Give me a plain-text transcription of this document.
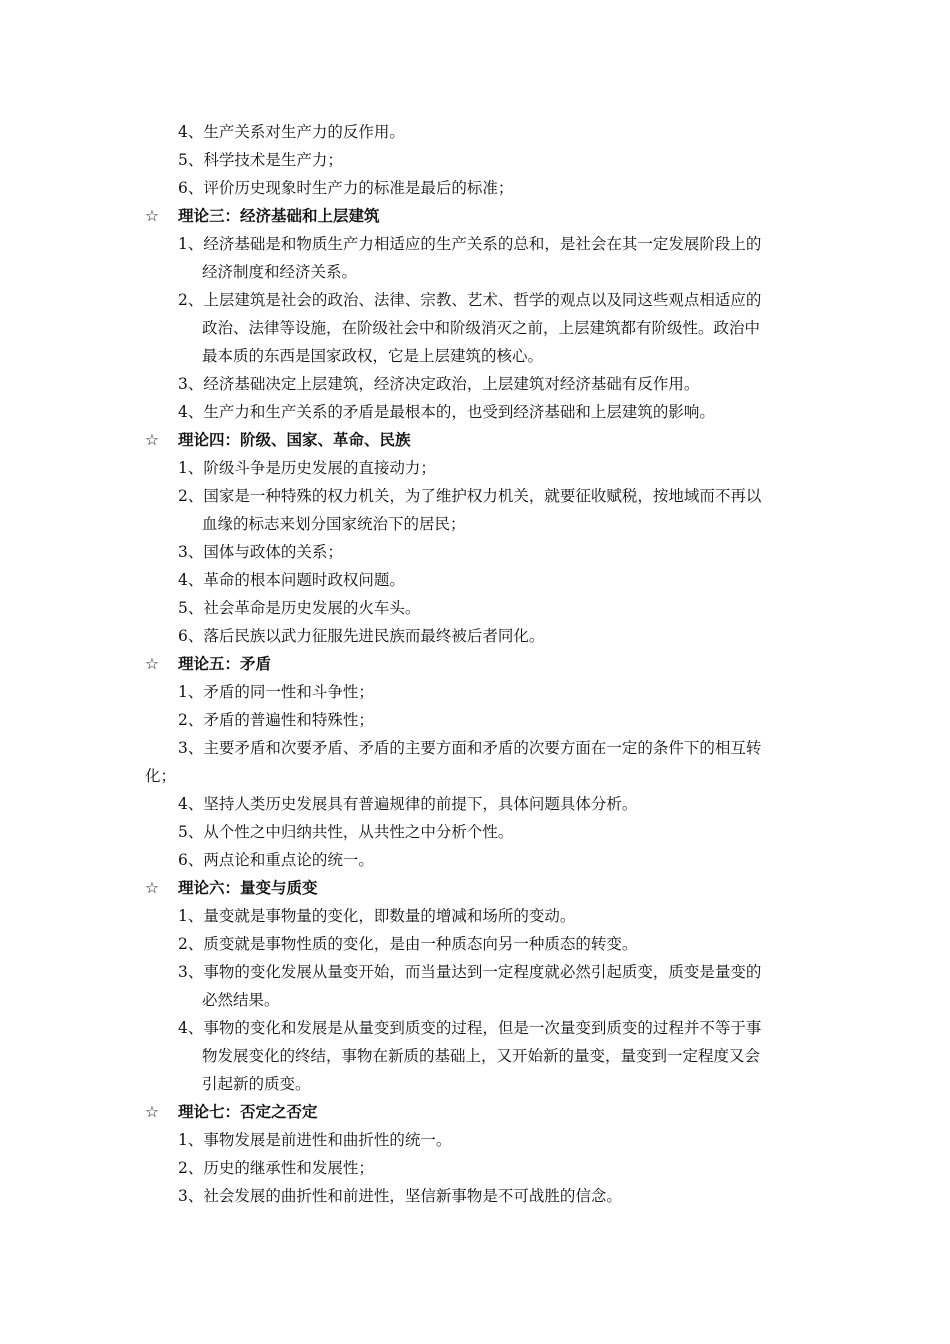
4、生产关系对生产力的反作用。
5、科学技术是生产力；
6、评价历史现象时生产力的标准是最后的标准；
☆	理论三：经济基础和上层建筑
1、经济基础是和物质生产力相适应的生产关系的总和，是社会在其一定发展阶段上的
经济制度和经济关系。
2、上层建筑是社会的政治、法律、宗教、艺术、哲学的观点以及同这些观点相适应的
政治、法律等设施，在阶级社会中和阶级消灭之前，上层建筑都有阶级性。政治中
最本质的东西是国家政权，它是上层建筑的核心。
3、经济基础决定上层建筑，经济决定政治，上层建筑对经济基础有反作用。
4、生产力和生产关系的矛盾是最根本的，也受到经济基础和上层建筑的影响。
☆	理论四：阶级、国家、革命、民族
1、阶级斗争是历史发展的直接动力；
2、国家是一种特殊的权力机关，为了维护权力机关，就要征收赋税，按地域而不再以
血缘的标志来划分国家统治下的居民；
3、国体与政体的关系；
4、革命的根本问题时政权问题。
5、社会革命是历史发展的火车头。
6、落后民族以武力征服先进民族而最终被后者同化。
☆	理论五：矛盾
1、矛盾的同一性和斗争性；
2、矛盾的普遍性和特殊性；
3、主要矛盾和次要矛盾、矛盾的主要方面和矛盾的次要方面在一定的条件下的相互转
化；
4、坚持人类历史发展具有普遍规律的前提下，具体问题具体分析。
5、从个性之中归纳共性，从共性之中分析个性。
6、两点论和重点论的统一。
☆	理论六：量变与质变
1、量变就是事物量的变化，即数量的增减和场所的变动。
2、质变就是事物性质的变化，是由一种质态向另一种质态的转变。
3、事物的变化发展从量变开始，而当量达到一定程度就必然引起质变，质变是量变的
必然结果。
4、事物的变化和发展是从量变到质变的过程，但是一次量变到质变的过程并不等于事
物发展变化的终结，事物在新质的基础上，又开始新的量变，量变到一定程度又会
引起新的质变。
☆	理论七：否定之否定
1、事物发展是前进性和曲折性的统一。
2、历史的继承性和发展性；
3、社会发展的曲折性和前进性，坚信新事物是不可战胜的信念。
